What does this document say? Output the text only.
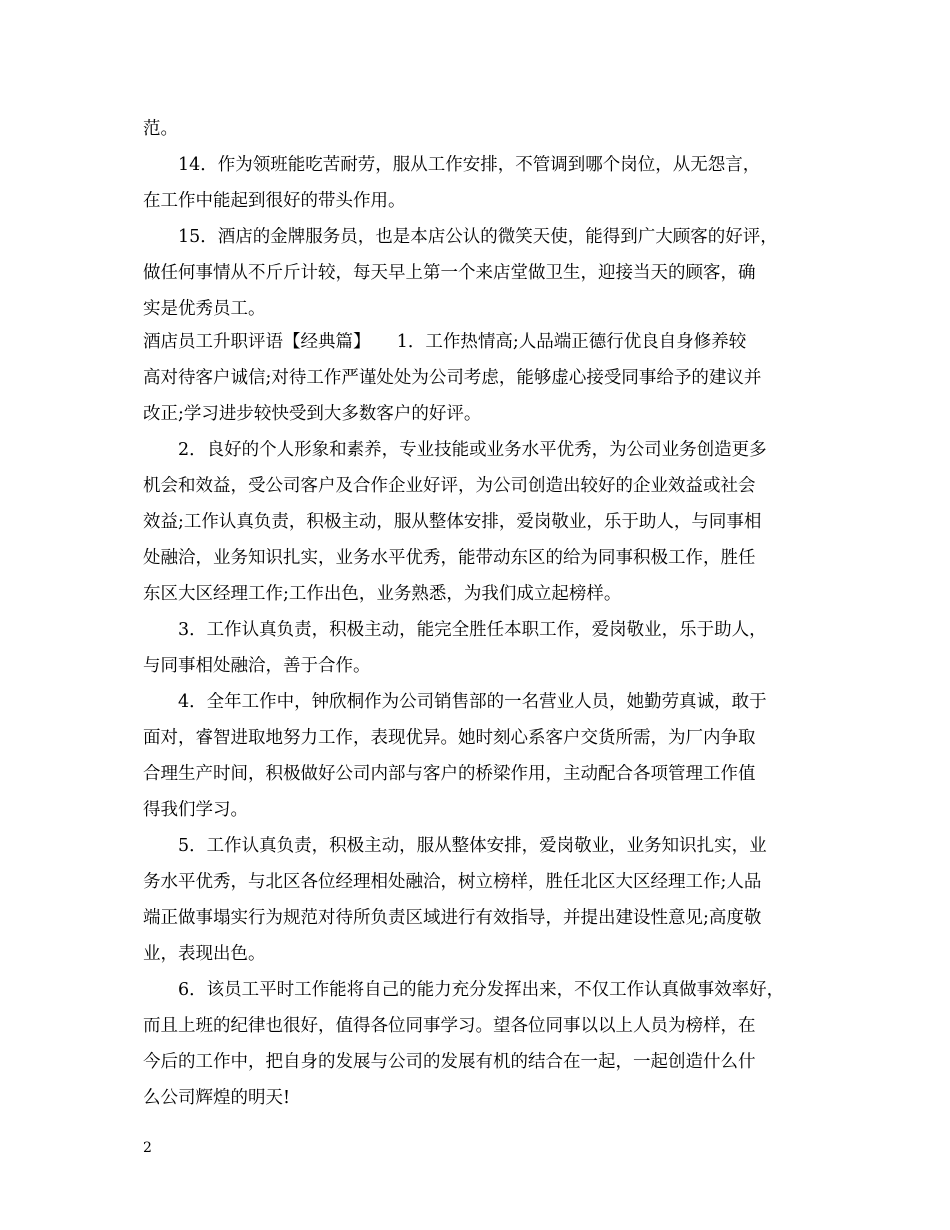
范。
　　14．作为领班能吃苦耐劳，服从工作安排，不管调到哪个岗位，从无怨言，
在工作中能起到很好的带头作用。
　　15．酒店的金牌服务员，也是本店公认的微笑天使，能得到广大顾客的好评，
做任何事情从不斤斤计较，每天早上第一个来店堂做卫生，迎接当天的顾客，确
实是优秀员工。
酒店员工升职评语【经典篇】　　1．工作热情高;人品端正德行优良自身修养较
高对待客户诚信;对待工作严谨处处为公司考虑，能够虚心接受同事给予的建议并
改正;学习进步较快受到大多数客户的好评。
　　2．良好的个人形象和素养，专业技能或业务水平优秀，为公司业务创造更多
机会和效益，受公司客户及合作企业好评，为公司创造出较好的企业效益或社会
效益;工作认真负责，积极主动，服从整体安排，爱岗敬业，乐于助人，与同事相
处融洽，业务知识扎实，业务水平优秀，能带动东区的给为同事积极工作，胜任
东区大区经理工作;工作出色，业务熟悉，为我们成立起榜样。
　　3．工作认真负责，积极主动，能完全胜任本职工作，爱岗敬业，乐于助人，
与同事相处融洽，善于合作。
　　4．全年工作中，钟欣桐作为公司销售部的一名营业人员，她勤劳真诚，敢于
面对，睿智进取地努力工作，表现优异。她时刻心系客户交货所需，为厂内争取
合理生产时间，积极做好公司内部与客户的桥梁作用，主动配合各项管理工作值
得我们学习。
　　5．工作认真负责，积极主动，服从整体安排，爱岗敬业，业务知识扎实，业
务水平优秀，与北区各位经理相处融洽，树立榜样，胜任北区大区经理工作;人品
端正做事塌实行为规范对待所负责区域进行有效指导，并提出建设性意见;高度敬
业，表现出色。
　　6．该员工平时工作能将自己的能力充分发挥出来，不仅工作认真做事效率好，
而且上班的纪律也很好，值得各位同事学习。望各位同事以以上人员为榜样，在
今后的工作中，把自身的发展与公司的发展有机的结合在一起，一起创造什么什
么公司辉煌的明天!
2
